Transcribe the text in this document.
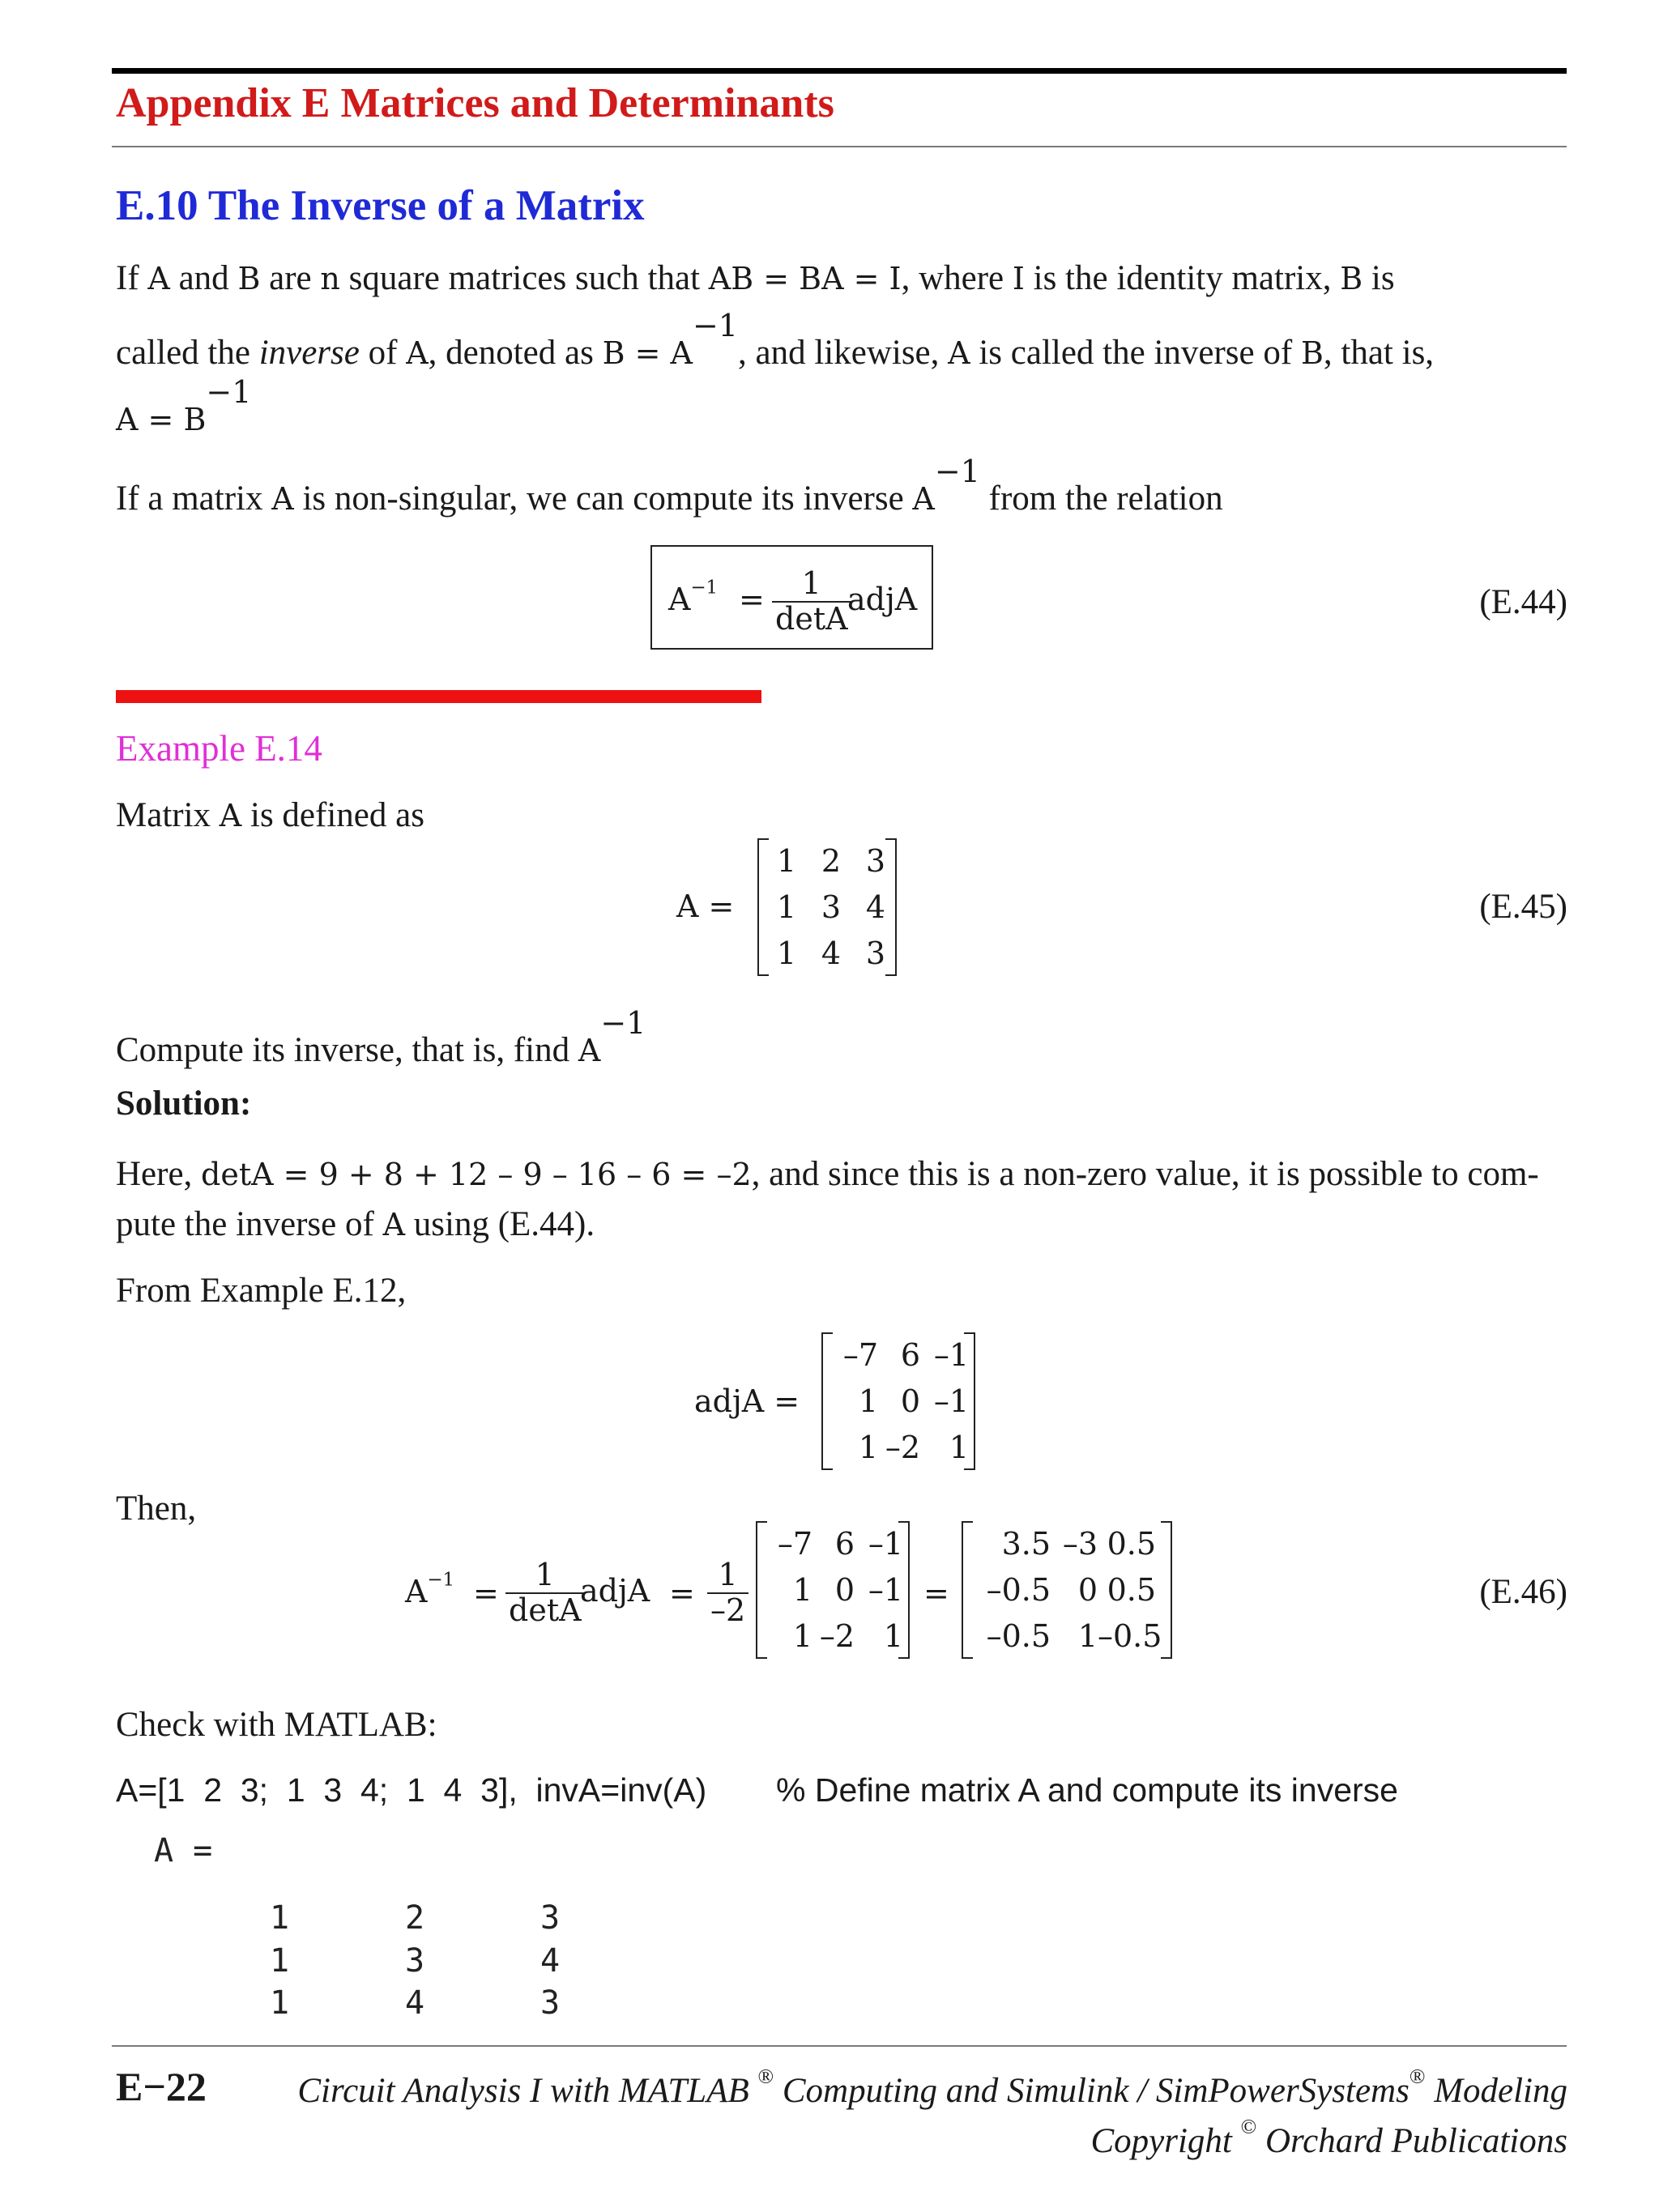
Appendix E Matrices and Determinants
E.10 The Inverse of a Matrix
If A and B are n square matrices such that AB = BA = I, where I is the identity matrix, B is
called the inverse of A, denoted as $B = A^{-1}$, and likewise, A is called the inverse of B, that is,
$A = B^{-1}$
If a matrix A is non-singular, we can compute its inverse $A^{-1}$ from the relation
$A^{-1} = \frac{1}{\det A}$
adjA	(E.44)
Example E.14
Matrix A is defined as
A =
1 2 3
1 3 4
1 4 3
(E.45)
Compute its inverse, that is, find $A^{-1}$
Solution:
Here, detA = 9 + 8 + 12 – 9 – 16 – 6 = –2, and since this is a non-zero value, it is possible to com-
pute the inverse of A using (E.44).
From Example E.12,
adjA =
–7 6 –1
1 0 –1
1 –2 1
Then,
$A^{-1} = \frac{1}{\det A}$
adjA = $\frac{1}{-2}$
–7 6 –1
1 0 –1
1 –2 1
=
3.5 –3 0.5
–0.5 0 0.5
–0.5 1 –0.5
(E.46)
Check with MATLAB:
A=[1  2  3;  1  3  4;  1  4  3],  invA=inv(A) % Define matrix A and compute its inverse
A =
1	2	3
1	3	4
1	4	3
E−22	Circuit Analysis I with MATLAB ® Computing and Simulink / SimPowerSystems® Modeling
Copyright © Orchard Publications
